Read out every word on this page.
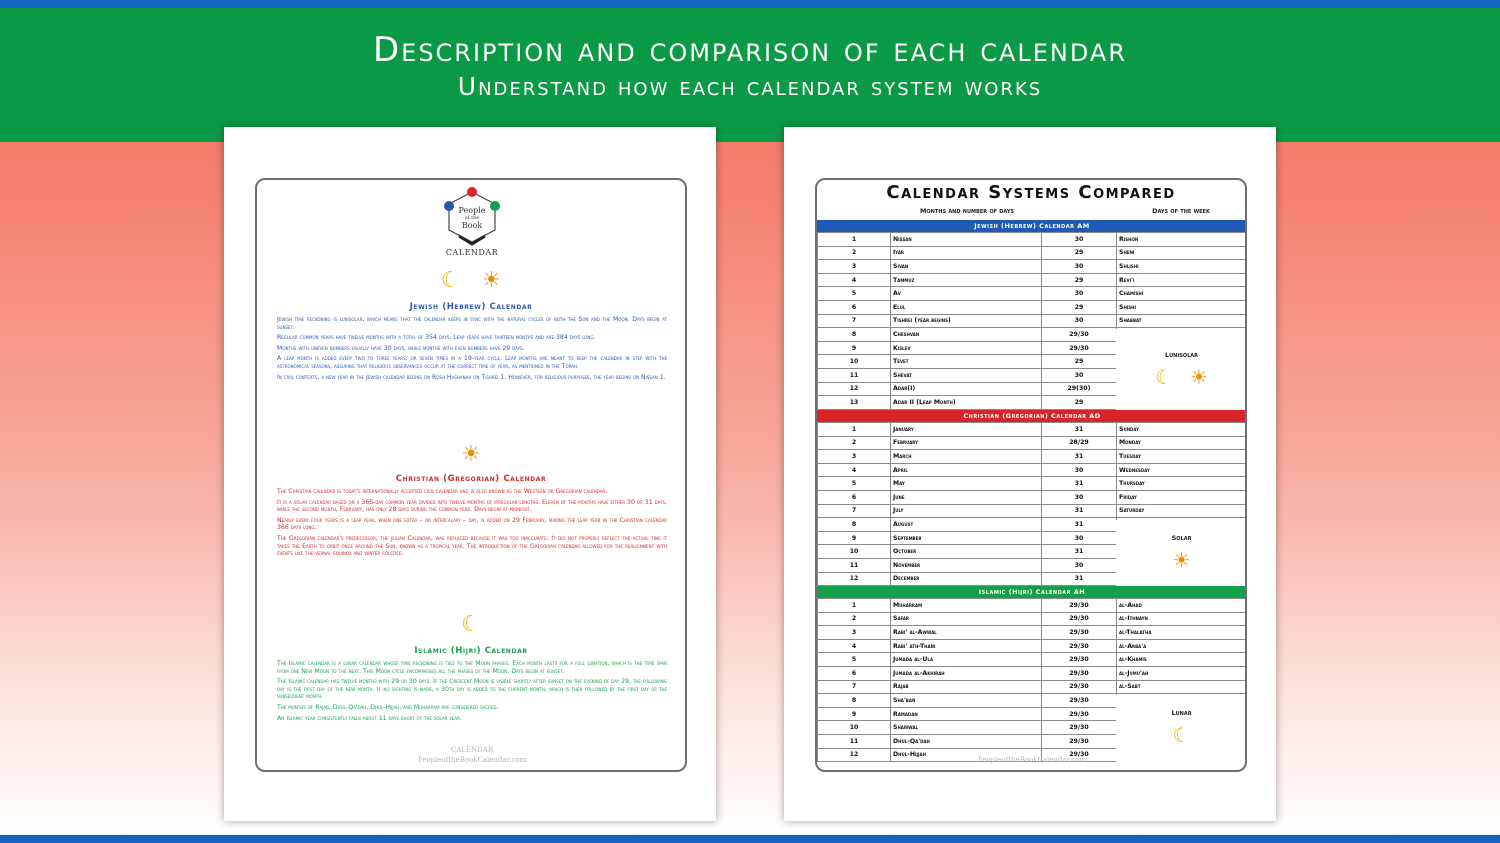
Description and comparison of each calendar
Understand how each calendar system works
People
of the
Book
CALENDAR
☾ ☀
Jewish (Hebrew) Calendar

Jewish time reckoning is lunisolar, which means that the calendar keeps in sync with the natural cycles of both the Sun and the Moon. Days begin at sunset.

Regular common years have twelve months with a total of 354 days. Leap years have thirteen months and are 384 days long.

Months with uneven numbers usually have 30 days, while months with even numbers have 29 days.

A leap month is added every two to three years, or seven times in a 19-year cycle. Leap months are meant to keep the calendar in step with the astronomical seasons, assuring that religious observances occur at the correct time of year, as mentioned in the Torah.

In civil contexts, a new year in the Jewish calendar begins on Rosh Hashanah on Tishrei 1. However, for religious purposes, the year begins on Nissan 1.

☀
Christian (Gregorian) Calendar

The Christian calendar is today's internationally accepted civil calendar and is also known as the Western or Gregorian calendar.

It is a solar calendar based on a 365-day common year divided into twelve months of irregular lengths. Eleven of the months have either 30 or 31 days, while the second month, February, has only 28 days during the common year. Days begin at midnight.

Nearly every four years is a leap year, when one extra – or intercalary – day, is added on 29 February, making the leap year in the Christian calendar 366 days long.

The Gregorian calendar's predecessor, the Julian Calendar, was replaced because it was too inaccurate. It did not properly reflect the actual time it takes the Earth to orbit once around the Sun, known as a tropical year. The introduction of the Gregorian calendar allowed for the realignment with events like the vernal equinox and winter solstice.

☾
Islamic (Hijri) Calendar

The Islamic calendar is a lunar calendar whose time reckoning is tied to the Moon phases. Each month lasts for a full lunation, which is the time span from one New Moon to the next. This Moon cycle encompasses all the phases of the Moon. Days begin at sunset.

The Islamic calendar has twelve months with 29 or 30 days. If the Crescent Moon is visible shortly after sunset on the evening of day 29, the following day is the first day of the new month. If no sighting is made, a 30th day is added to the current month, which is then followed by the first day of the subsequent month.

The months of Rajab, Dhul-Qa'dah, Dhul-Hijjah, and Muharram are considered sacred.

An Islamic year consistently falls about 11 days short of the solar year.

CALENDAR
PeopleoftheBookCalendar.com
Calendar Systems Compared
Months and number of days	Days of the week
Jewish (Hebrew) Calendar AM
1	Nissan	30	Rishon
2	Iyar	29	Sheni
3	Sivan	30	Shlishi
4	Tammuz	29	Revi'i
5	Av	30	Chamishi
6	Elul	29	Shishi
7	Tishrei (year begins)	30	Shabbat
8	Cheshvan	29/30	
9	Kislev	29/30	
10	Tevet	29	
11	Shevat	30	
12	Adar(I)	29(30)	
13	Adar II (Leap Month)	29	
Lunisolar
☾ ☀
Christian (Gregorian) Calendar AD
1	January	31	Sunday
2	February	28/29	Monday
3	March	31	Tuesday
4	April	30	Wednesday
5	May	31	Thursday
6	June	30	Friday
7	July	31	Saturday
8	August	31	
9	September	30	
10	October	31	
11	November	30	
12	December	31	
Solar
☀
Islamic (Hijri) Calendar AH
1	Muharram	29/30	al-Ahad
2	Safar	29/30	al-Ithnayn
3	Rabi' al-Awwal	29/30	al-Thalatha
4	Rabi' ath-Thani	29/30	al-Arba'a
5	Jumada al-Ula	29/30	al-Khamis
6	Jumada al-Akhirah	29/30	al-Jumu'ah
7	Rajab	29/30	al-Sabt
8	Sha'ban	29/30	
9	Ramadan	29/30	
10	Shawwal	29/30	
11	Dhul-Qa'dah	29/30	
12	Dhul-Hijjah	29/30	
Lunar
☾
PeopleoftheBookCalendar.com
